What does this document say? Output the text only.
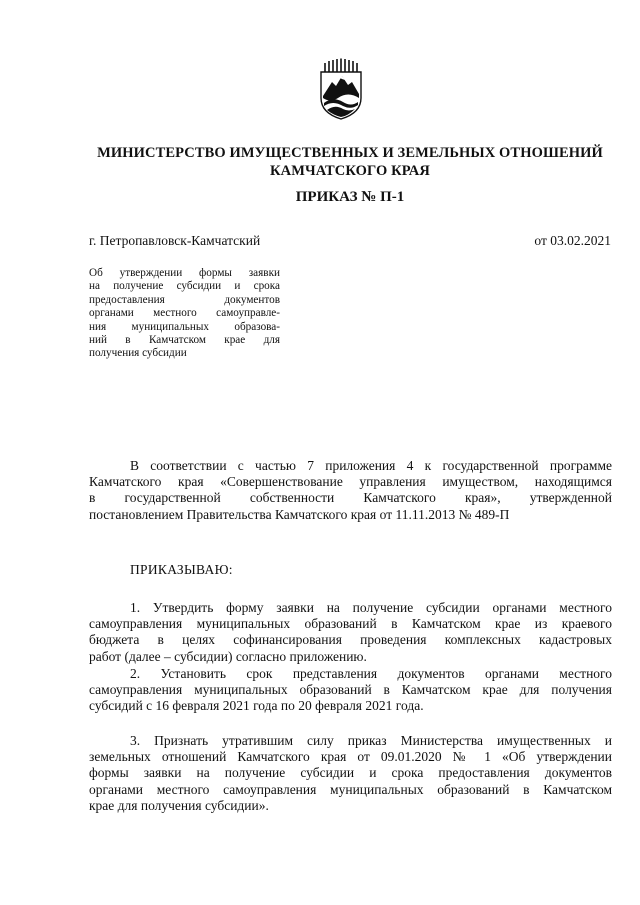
МИНИСТЕРСТВО ИМУЩЕСТВЕННЫХ И ЗЕМЕЛЬНЫХ ОТНОШЕНИЙ
КАМЧАТСКОГО КРАЯ
ПРИКАЗ № П-1
г. Петропавловск-Камчатский	от 03.02.2021
Об утверждении формы заявки
на получение субсидии и срока
предоставления документов
органами местного самоуправле-
ния муниципальных образова-
ний в Камчатском крае для
получения субсидии
В соответствии с частью 7 приложения 4 к государственной программе
Камчатского края «Совершенствование управления имуществом, находящимся
в государственной собственности Камчатского края», утвержденной
постановлением Правительства Камчатского края от 11.11.2013 № 489-П
ПРИКАЗЫВАЮ:
1. Утвердить форму заявки на получение субсидии органами местного
самоуправления муниципальных образований в Камчатском крае из краевого
бюджета в целях софинансирования проведения комплексных кадастровых
работ (далее – субсидии) согласно приложению.
2. Установить срок представления документов органами местного
самоуправления муниципальных образований в Камчатском крае для получения
субсидий с 16 февраля 2021 года по 20 февраля 2021 года.
3. Признать утратившим силу приказ Министерства имущественных и
земельных отношений Камчатского края от 09.01.2020 № 1 «Об утверждении
формы заявки на получение субсидии и срока предоставления документов
органами местного самоуправления муниципальных образований в Камчатском
крае для получения субсидии».
